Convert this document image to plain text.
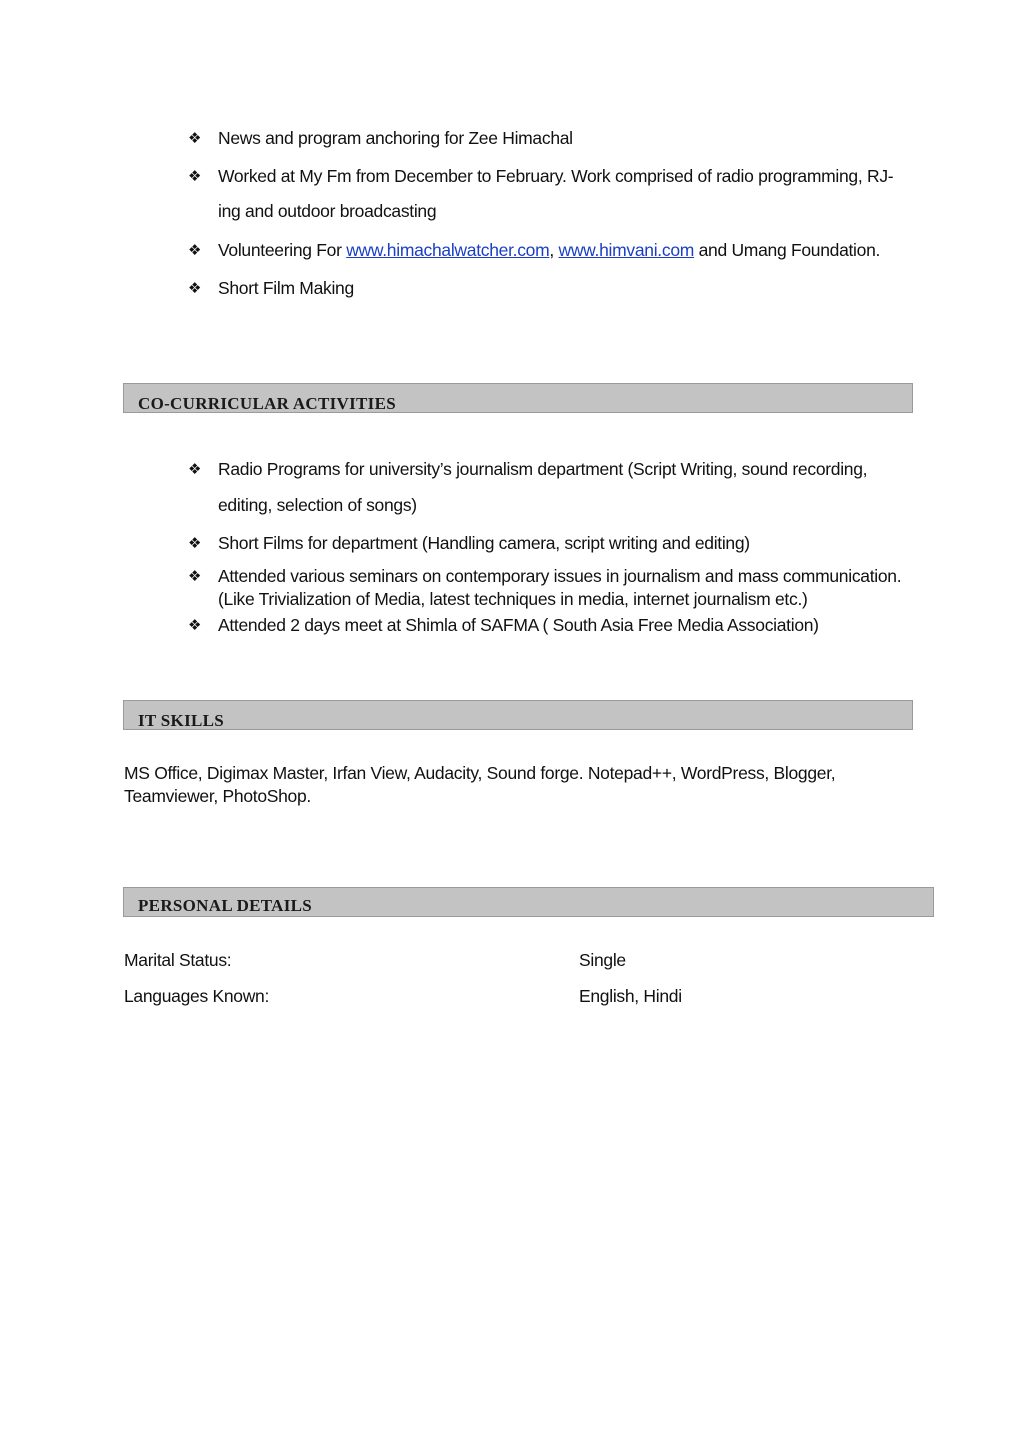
❖ News and program anchoring for Zee Himachal
❖ Worked at My Fm from December to February. Work comprised of radio programming, RJ-ing and outdoor broadcasting
❖ Volunteering For www.himachalwatcher.com, www.himvani.com and Umang Foundation.
❖ Short Film Making
CO-CURRICULAR ACTIVITIES
❖ Radio Programs for university’s journalism department (Script Writing, sound recording, editing, selection of songs)
❖ Short Films for department (Handling camera, script writing and editing)
❖ Attended various seminars on contemporary issues in journalism and mass communication. (Like Trivialization of Media, latest techniques in media, internet journalism etc.)
❖ Attended 2 days meet at Shimla of SAFMA ( South Asia Free Media Association)
IT SKILLS
MS Office, Digimax Master, Irfan View, Audacity, Sound forge. Notepad++, WordPress, Blogger, Teamviewer, PhotoShop.
PERSONAL DETAILS
Marital Status:	Single
Languages Known:	English, Hindi
